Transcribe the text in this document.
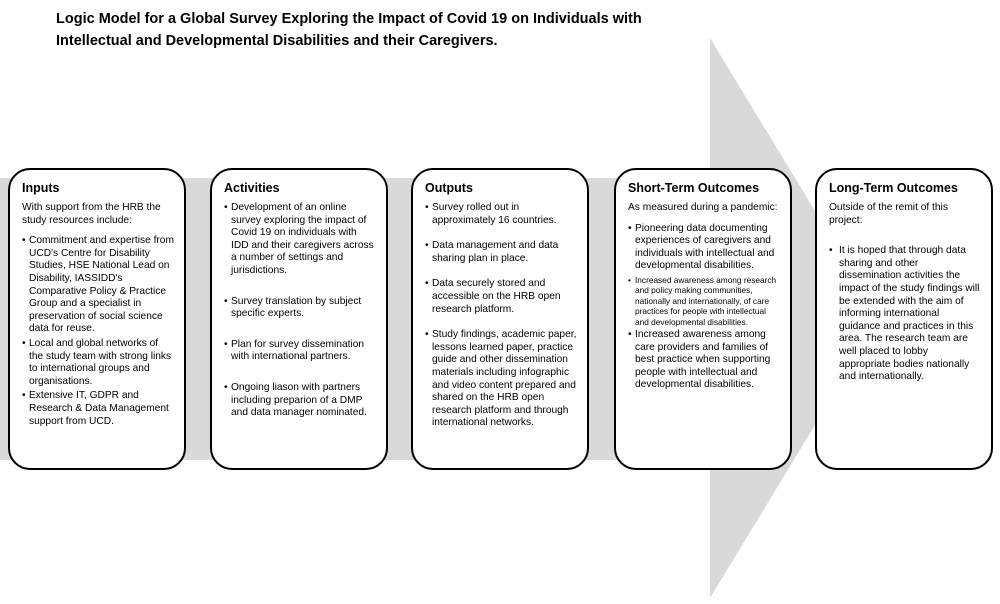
Logic Model for a Global Survey Exploring the Impact of Covid 19 on Individuals with Intellectual and Developmental Disabilities and their Caregivers.
Inputs

With support from the HRB the study resources include:

• Commitment and expertise from UCD's Centre for Disability Studies, HSE National Lead on Disability, IASSIDD's Comparative Policy & Practice Group and a specialist in preservation of social science data for reuse.
• Local and global networks of the study team with strong links to international groups and organisations.
• Extensive IT, GDPR and Research & Data Management support from UCD.
Activities
• Development of an online survey exploring the impact of Covid 19 on individuals with IDD and their caregivers across a number of settings and jurisdictions.
• Survey translation by subject specific experts.
• Plan for survey dissemination with international partners.
• Ongoing liason with partners including preparion of a DMP and data manager nominated.
Outputs
• Survey rolled out in approximately 16 countries.
• Data management and data sharing plan in place.
• Data securely stored and accessible on the HRB open research platform.
• Study findings, academic paper, lessons learned paper, practice guide and other dissemination materials including infographic and video content prepared and shared on the HRB open research platform and through international networks.
Short-Term Outcomes

As measured during a pandemic:

• Pioneering data documenting experiences of caregivers and individuals with intellectual and developmental disabilities.
• Increased awareness among research and policy making communities, nationally and internationally, of care practices for people with intellectual and developmental disabilities.
• Increased awareness among care providers and families of best practice when supporting people with intellectual and developmental disabilities.
Long-Term Outcomes

Outside of the remit of this project:

• It is hoped that through data sharing and other dissemination activities the impact of the study findings will be extended with the aim of informing international guidance and practices in this area. The research team are well placed to lobby appropriate bodies nationally and internationally.
